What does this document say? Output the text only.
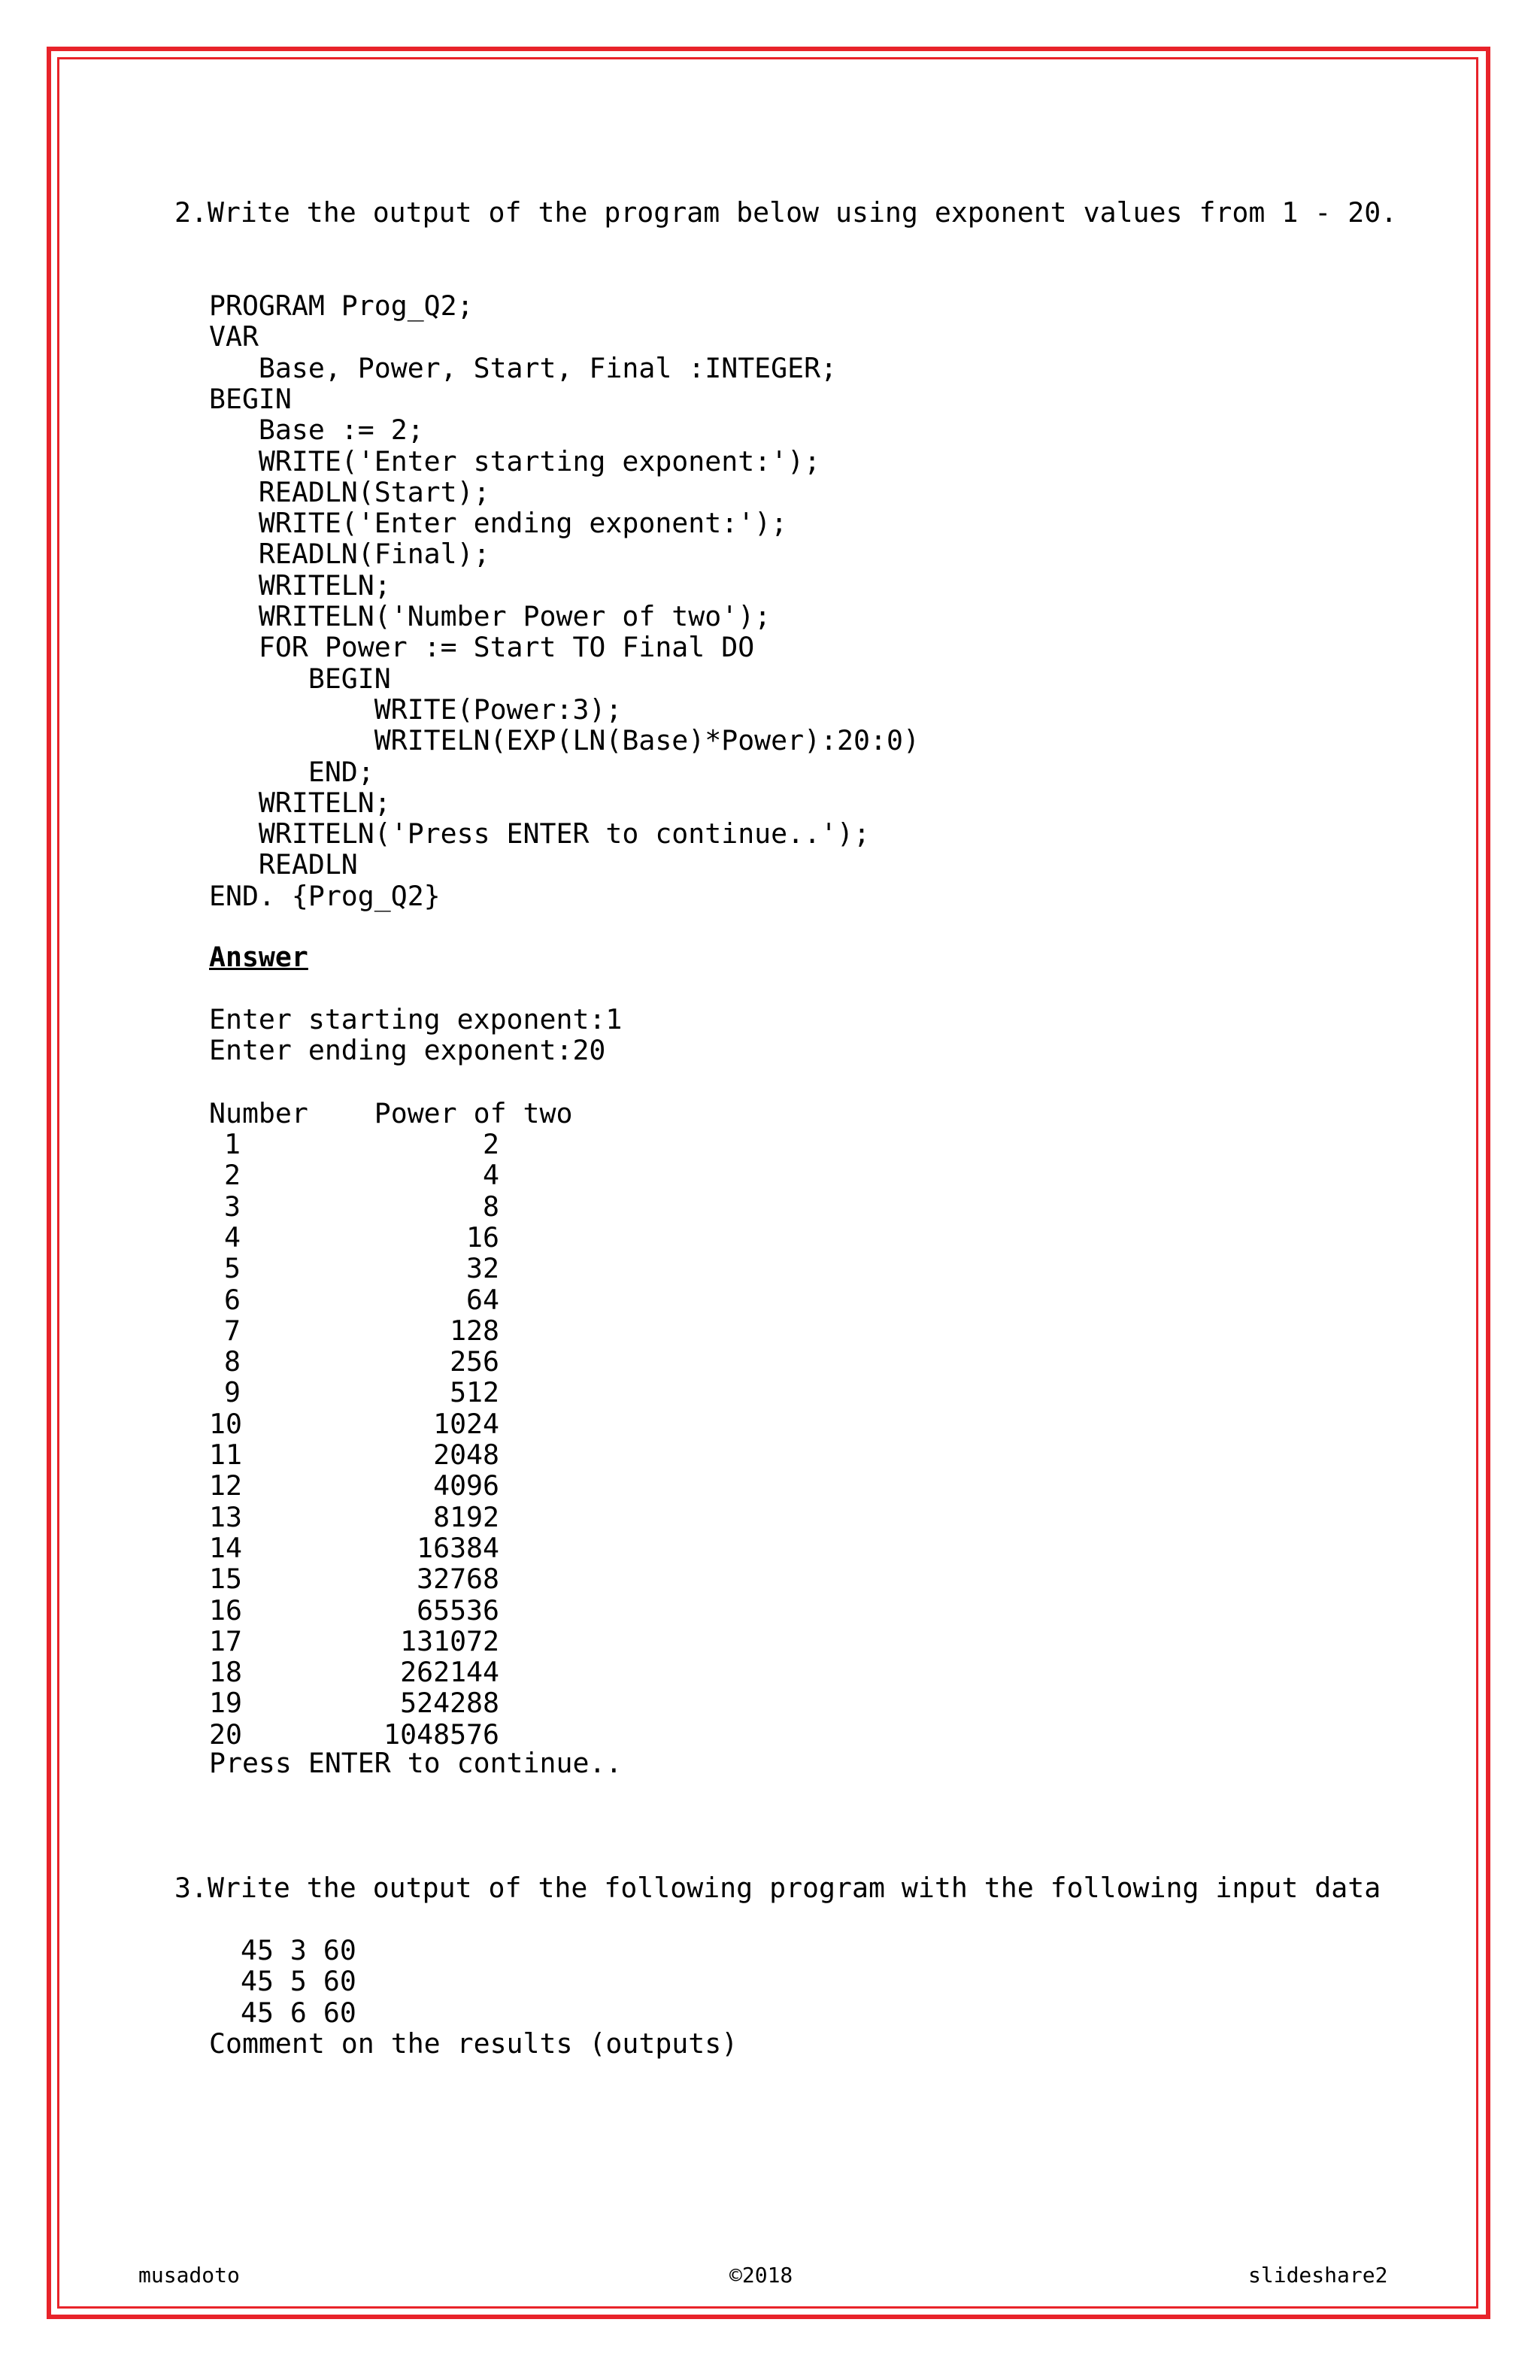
2.Write the output of the program below using exponent values from 1 - 20.
PROGRAM Prog_Q2;
VAR
Base, Power, Start, Final :INTEGER;
BEGIN
Base := 2;
WRITE('Enter starting exponent:');
READLN(Start);
WRITE('Enter ending exponent:');
READLN(Final);
WRITELN;
WRITELN('Number Power of two');
FOR Power := Start TO Final DO
BEGIN
WRITE(Power:3);
WRITELN(EXP(LN(Base)*Power):20:0)
END;
WRITELN;
WRITELN('Press ENTER to continue..');
READLN
END. {Prog_Q2}
Answer
Enter starting exponent:1
Enter ending exponent:20
Number    Power of two
1	2
2	4
3	8
4	16
5	32
6	64
7	128
8	256
9	512
10	1024
11	2048
12	4096
13	8192
14	16384
15	32768
16	65536
17	131072
18	262144
19	524288
20	1048576
Press ENTER to continue..
3.Write the output of the following program with the following input data
45 3 60
45 5 60
45 6 60
Comment on the results (outputs)
musadoto	©2018	slideshare2
